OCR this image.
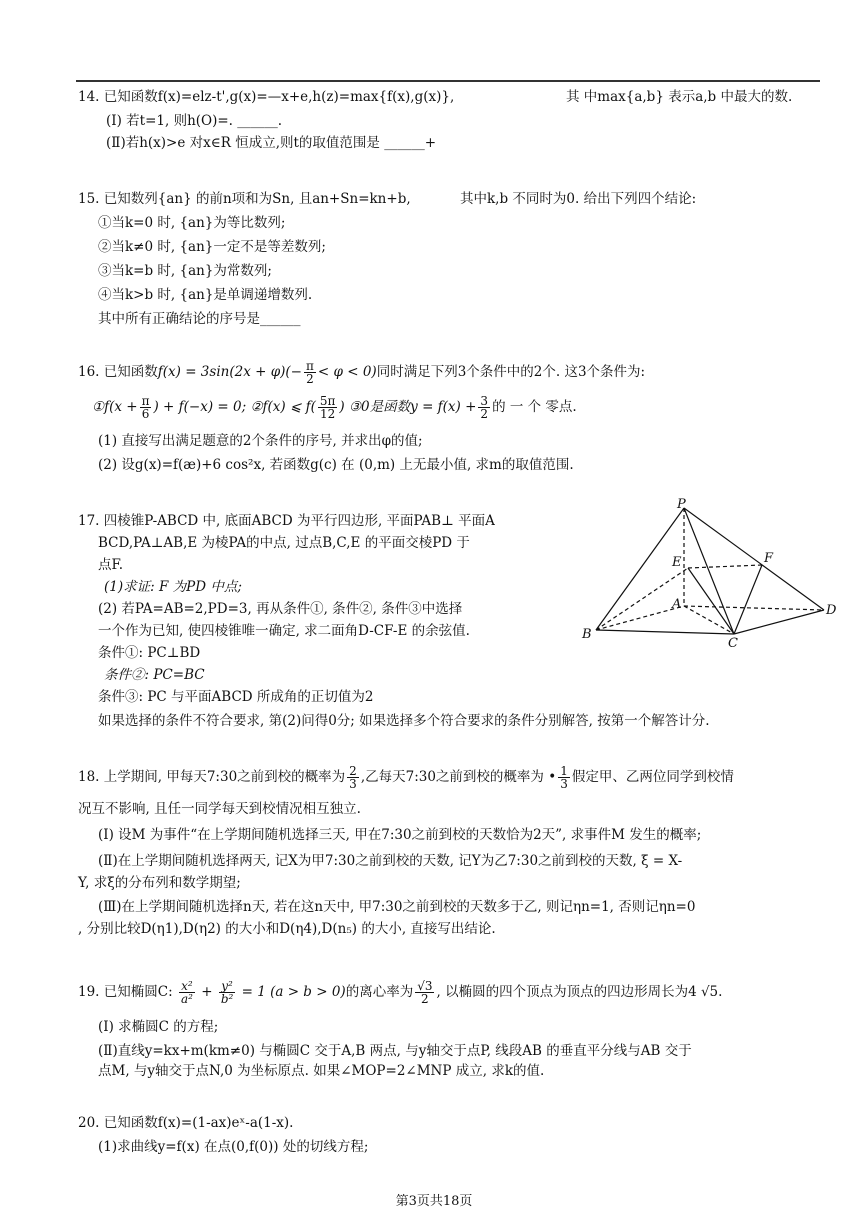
14. 已知函数f(x)=elz-t',g(x)=—x+e,h(z)=max{f(x),g(x)},	其 中max{a,b} 表示a,b 中最大的数.
(I) 若t=1, 则h(O)=. ______.
(Ⅱ)若h(x)>e 对x∈R 恒成立,则t的取值范围是 ______+
15. 已知数列{an} 的前n项和为Sn, 且an+Sn=kn+b,	其中k,b 不同时为0. 给出下列四个结论:
①当k=0 时, {an}为等比数列;
②当k≠0 时, {an}一定不是等差数列;
③当k=b 时, {an}为常数列;
④当k>b 时, {an}是单调递增数列.
其中所有正确结论的序号是______
16. 已知函数$f(x) = 3\sin(2x + \varphi)(- \frac{\pi}{2} < \varphi < 0)$同时满足下列3个条件中的2个. 这3个条件为:
①f(x + $\frac{\pi}{6}$ ) + f(−x) = 0; ②f(x) ⩽ $f( \frac{5\pi}{12}$ ) ③0是函数$y = f(x) + \frac{3}{2}$ 的 一 个 零点.
(1) 直接写出满足题意的2个条件的序号, 并求出φ的值;
(2) 设g(x)=f(æ)+6 cos²x, 若函数g(c) 在 (0,m) 上无最小值, 求m的取值范围.
17. 四棱锥P-ABCD 中, 底面ABCD 为平行四边形, 平面PAB⊥ 平面A
BCD,PA⊥AB,E 为棱PA的中点, 过点B,C,E 的平面交棱PD 于
点F.
(1)求证: F 为PD 中点;
(2) 若PA=AB=2,PD=3, 再从条件①, 条件②, 条件③中选择
一个作为已知, 使四棱锥唯一确定, 求二面角D-CF-E 的余弦值.
条件①: PC⊥BD
条件②: PC=BC
条件③: PC 与平面ABCD 所成角的正切值为2
如果选择的条件不符合要求, 第(2)问得0分; 如果选择多个符合要求的条件分别解答, 按第一个解答计分.
P
E	F
A
B
C
D
18. 上学期间, 甲每天7:30之前到校的概率为 $\frac{2}{3}$ ,乙每天7:30之前到校的概率为 • $\frac{1}{3}$ 假定甲、乙两位同学到校情
况互不影响, 且任一同学每天到校情况相互独立.
(I) 设M 为事件“在上学期间随机选择三天, 甲在7:30之前到校的天数恰为2天”, 求事件M 发生的概率;
(Ⅱ)在上学期间随机选择两天, 记X为甲7:30之前到校的天数, 记Y为乙7:30之前到校的天数, ξ = X-
Y, 求ξ的分布列和数学期望;
(Ⅲ)在上学期间随机选择n天, 若在这n天中, 甲7:30之前到校的天数多于乙, 则记ηn=1, 否则记ηn=0
, 分别比较D(η1),D(η2) 的大小和D(η4),D(n₅) 的大小, 直接写出结论.
19. 已知椭圆C: $\frac{\text{x²}}{\text{a²}} + \frac{\text{y²}}{\text{b²}} = 1$ (a > b > 0)的离心率为 $\frac{√3}{2}$ , 以椭圆的四个顶点为顶点的四边形周长为4 √5.
(I) 求椭圆C 的方程;
(Ⅱ)直线y=kx+m(km≠0) 与椭圆C 交于A,B 两点, 与y轴交于点P, 线段AB 的垂直平分线与AB 交于
点M, 与y轴交于点N,0 为坐标原点. 如果∠MOP=2∠MNP 成立, 求k的值.
20. 已知函数f(x)=(1-ax)eˣ-a(1-x).
(1)求曲线y=f(x) 在点(0,f(0)) 处的切线方程;
第3页共18页
